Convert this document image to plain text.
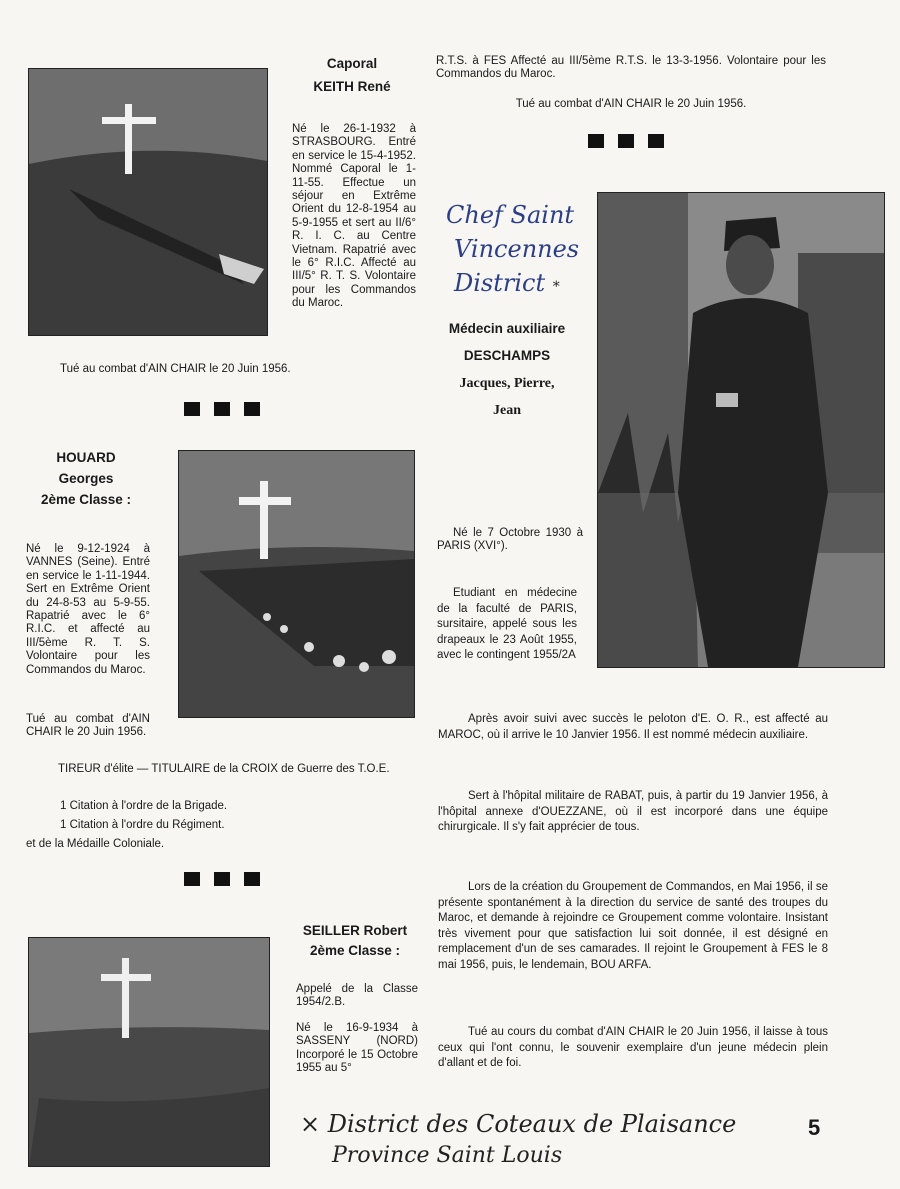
Caporal
KEITH René
Né le 26-1-1932 à STRASBOURG. Entré en service le 15-4-1952. Nommé Caporal le 1-11-55. Effectue un séjour en Extrême Orient du 12-8-1954 au 5-9-1955 et sert au II/6° R. I. C. au Centre Vietnam. Rapatrié avec le 6° R.I.C. Affecté au III/5° R. T. S. Volontaire pour les Commandos du Maroc.
Tué au combat d'AIN CHAIR le 20 Juin 1956.
HOUARD
Georges
2ème Classe :
Né le 9-12-1924 à VANNES (Seine). Entré en service le 1-11-1944. Sert en Extrême Orient du 24-8-53 au 5-9-55. Rapatrié avec le 6° R.I.C. et affecté au III/5ème R. T. S. Volontaire pour les Commandos du Maroc.
Tué au combat d'AIN CHAIR le 20 Juin 1956.
TIREUR d'élite — TITULAIRE de la CROIX de Guerre des T.O.E.
1 Citation à l'ordre de la Brigade.
1 Citation à l'ordre du Régiment.
et de la Médaille Coloniale.
SEILLER Robert
2ème Classe :
Appelé de la Classe 1954/2.B.
Né le 16-9-1934 à SASSENY (NORD) Incorporé le 15 Octobre 1955 au 5°
R.T.S. à FES Affecté au III/5ème R.T.S. le 13-3-1956. Volontaire pour les Commandos du Maroc.
Tué au combat d'AIN CHAIR le 20 Juin 1956.
Chef Saint
Vincennes
District *
Médecin auxiliaire
DESCHAMPS
Jacques, Pierre,
Jean
Né le 7 Octobre 1930 à PARIS (XVI°).
Etudiant en médecine de la faculté de PARIS, sursitaire, appelé sous les drapeaux le 23 Août 1955, avec le contingent 1955/2A
Après avoir suivi avec succès le peloton d'E. O. R., est affecté au MAROC, où il arrive le 10 Janvier 1956. Il est nommé médecin auxiliaire.
Sert à l'hôpital militaire de RABAT, puis, à partir du 19 Janvier 1956, à l'hôpital annexe d'OUEZZANE, où il est incorporé dans une équipe chirurgicale. Il s'y fait apprécier de tous.
Lors de la création du Groupement de Commandos, en Mai 1956, il se présente spontanément à la direction du service de santé des troupes du Maroc, et demande à rejoindre ce Groupement comme volontaire. Insistant très vivement pour que satisfaction lui soit donnée, il est désigné en remplacement d'un de ses camarades. Il rejoint le Groupement à FES le 8 mai 1956, puis, le lendemain, BOU ARFA.
Tué au cours du combat d'AIN CHAIR le 20 Juin 1956, il laisse à tous ceux qui l'ont connu, le souvenir exemplaire d'un jeune médecin plein d'allant et de foi.
× District des Coteaux de Plaisance
Province Saint Louis
5
